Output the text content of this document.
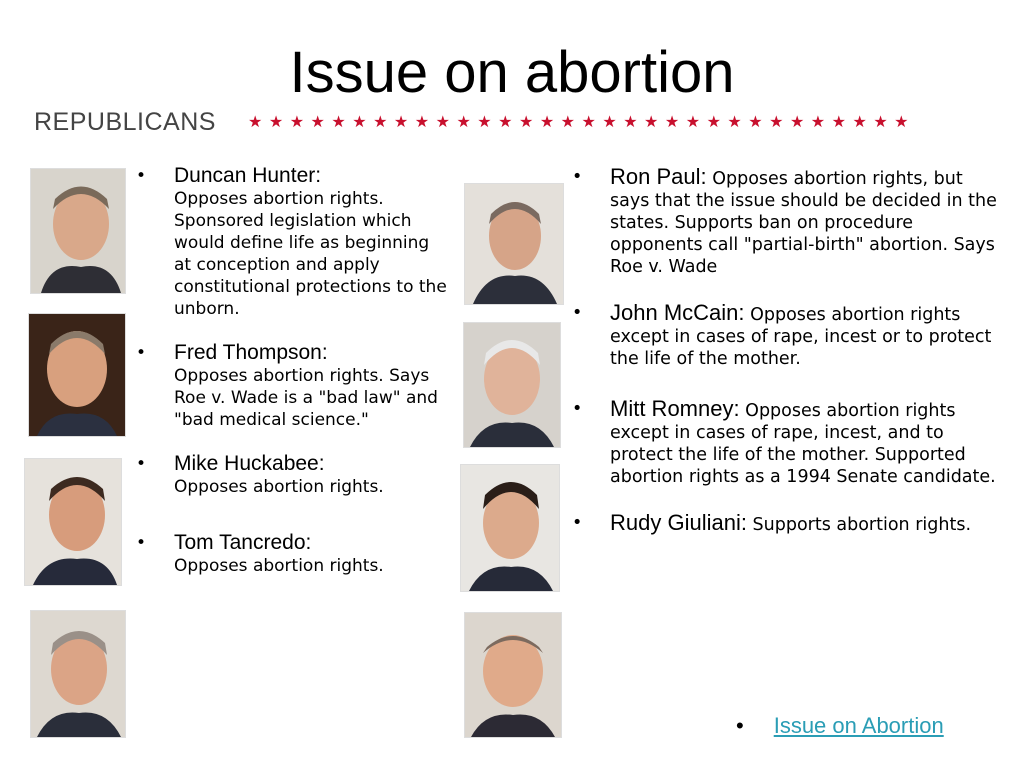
Issue on abortion
REPUBLICANS ★★★★★★★★★★★★★★★★★★★★★★★★★★★★★★★★
• Duncan Hunter:
Opposes abortion rights. Sponsored legislation which would define life as beginning at conception and apply constitutional protections to the unborn.
• Fred Thompson:
Opposes abortion rights. Says Roe v. Wade is a "bad law" and "bad medical science."
• Mike Huckabee:
Opposes abortion rights.
• Tom Tancredo:
Opposes abortion rights.
• Ron Paul: Opposes abortion rights, but says that the issue should be decided in the states. Supports ban on procedure opponents call "partial-birth" abortion. Says Roe v. Wade
• John McCain: Opposes abortion rights except in cases of rape, incest or to protect the life of the mother.
• Mitt Romney: Opposes abortion rights except in cases of rape, incest, and to protect the life of the mother. Supported abortion rights as a 1994 Senate candidate.
• Rudy Giuliani: Supports abortion rights.
• Issue on Abortion
